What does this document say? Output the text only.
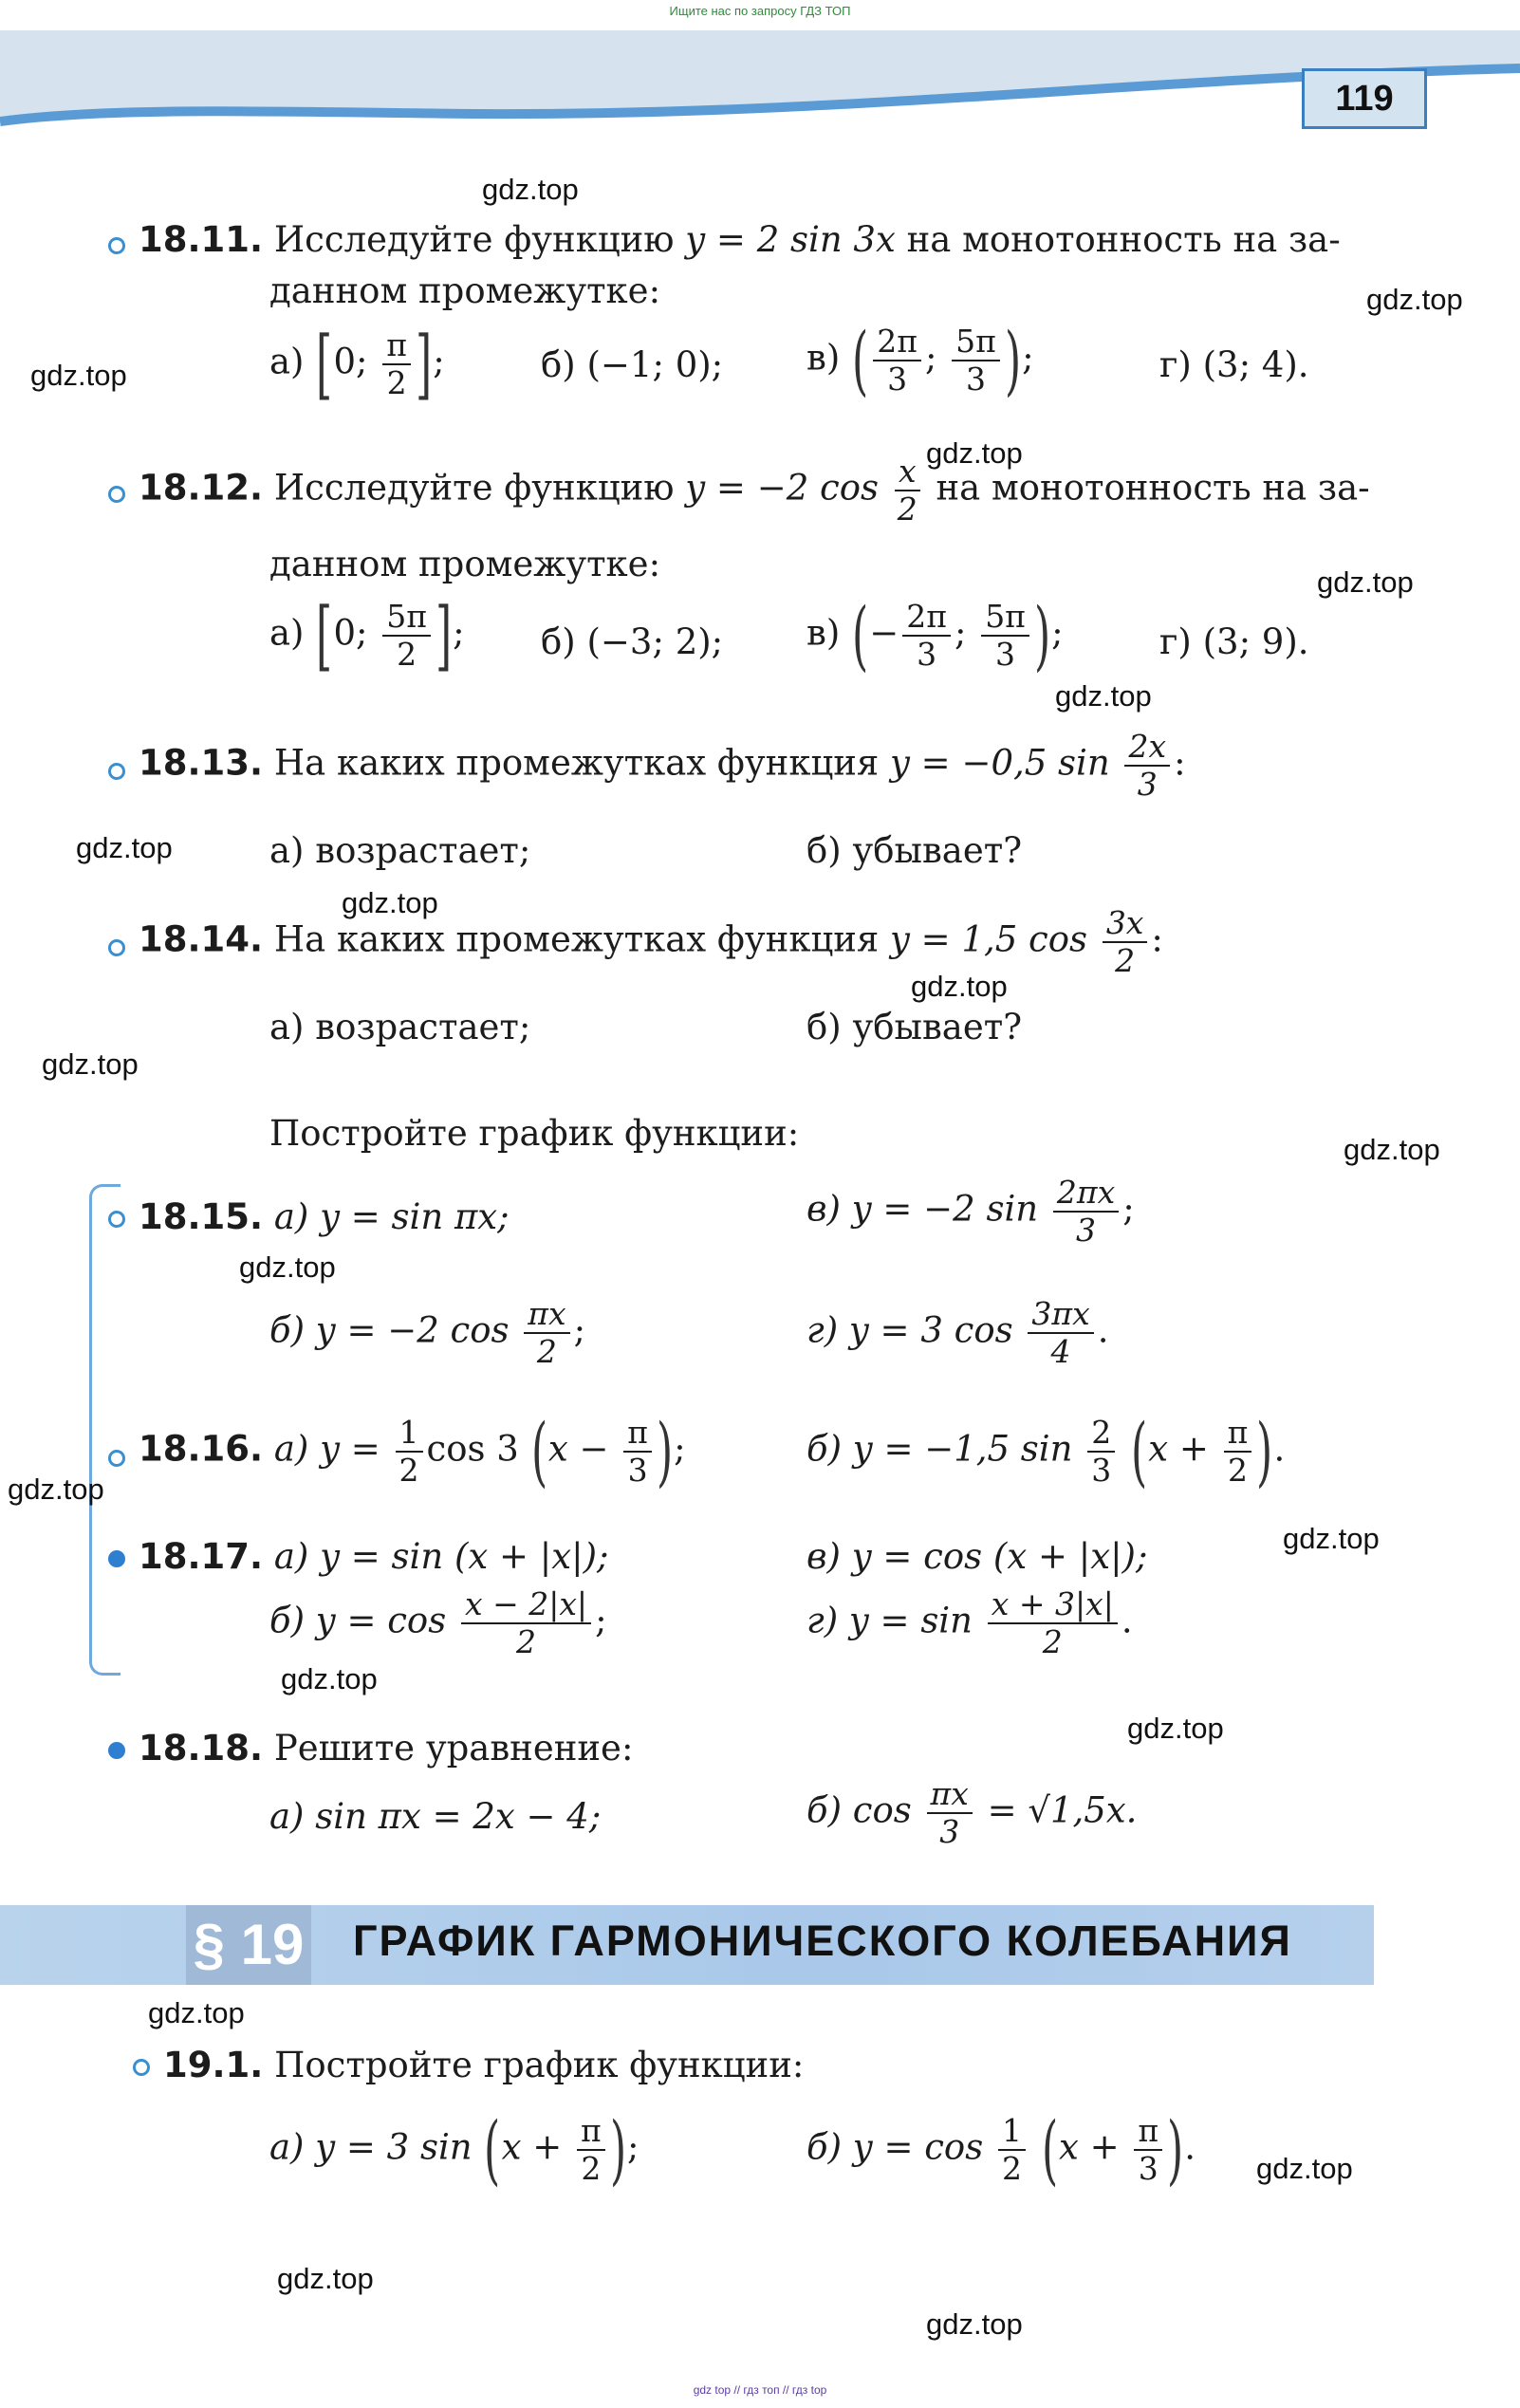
Ищите нас по запросу ГДЗ ТОП
119
18.11. Исследуйте функцию y = 2 sin 3x на монотонность на за-
данном промежутке:
а) [0; $\frac{\pi}{2}$ ];	б) (−1; 0); в) ( $\frac{2\pi}{3}$ ; $\frac{5\pi}{3}$ );	г) (3; 4).
18.12. Исследуйте функцию y = −2 $\cos \frac{x}{2}$ на монотонность на за-
данном промежутке:
а) [0; $\frac{5\pi}{2}$ ]; б) (−3; 2); в) (− $\frac{2\pi}{3}$ ; $\frac{5\pi}{3}$ );	г) (3; 9).
18.13. На каких промежутках функция y = −0,5 $\sin \frac{2x}{3}$ :
а) возрастает;	б) убывает?
18.14. На каких промежутках функция y = 1,5 $\cos \frac{3x}{2}$ :
а) возрастает;	б) убывает?
Постройте график функции:
18.15. а) y = sin πx;	в) y = −2 $\sin \frac{2\pi x}{3}$ ;
б) y = −2 $\cos \frac{\pi x}{2}$ ;	г) y = 3 $\cos \frac{3\pi x}{4}$ .
18.16. а) $y = \frac{1}{2}$ cos 3 ($x - \frac{\pi}{3}$ );	б) y = −1,5 $\sin \frac{2}{3} (x + \frac{\pi}{2}$ ).
18.17. а) y = sin (x + |x|);	в) y = cos (x + |x|);
б) $y = \cos \frac{x - 2|x|}{2}$ ;	г) $y = \sin \frac{x + 3|x|}{2}$ .
18.18. Решите уравнение:
а) sin πx = 2x − 4;	б) $\cos \frac{\pi x}{3} = √1,5x$.
§ 19 ГРАФИК ГАРМОНИЧЕСКОГО КОЛЕБАНИЯ
19.1. Постройте график функции:
а) y = 3 $\sin (x + \frac{\pi}{2}$ );	б) $y = \cos \frac{1}{2} (x + \frac{\pi}{3}$ ).
gdz.top
gdz.top
gdz.top
gdz.top
gdz.top
gdz.top
gdz.top
gdz.top
gdz.top
gdz.top
gdz.top
gdz.top
gdz.top
gdz.top
gdz.top
gdz.top
gdz.top
gdz.top
gdz.top
gdz.top
gdz top // гдз топ // гдз top
